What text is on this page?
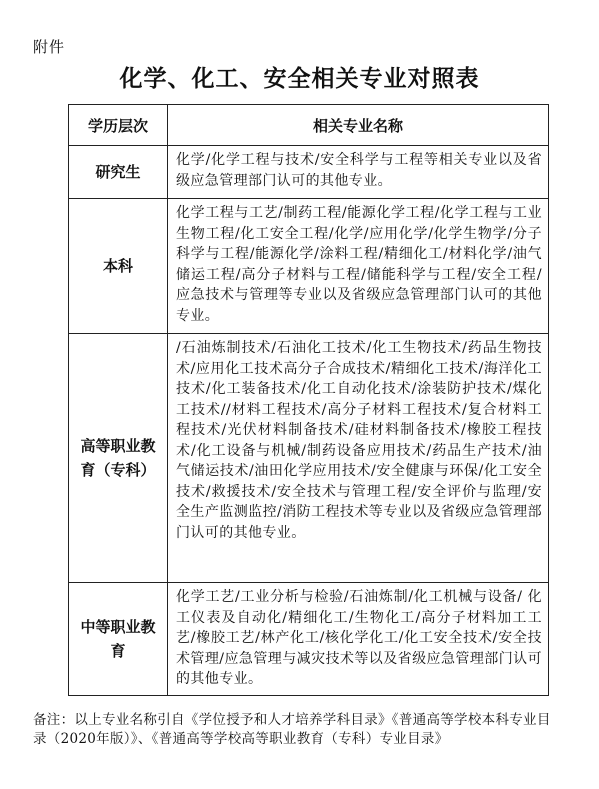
附件
化学、化工、安全相关专业对照表
学历层次	相关专业名称
研究生	化学/化学工程与技术/安全科学与工程等相关专业以及省级应急管理部门认可的其他专业。
本科	化学工程与工艺/制药工程/能源化学工程/化学工程与工业生物工程/化工安全工程/化学/应用化学/化学生物学/分子科学与工程/能源化学/涂料工程/精细化工/材料化学/油气储运工程/高分子材料与工程/储能科学与工程/安全工程/应急技术与管理等专业以及省级应急管理部门认可的其他专业。
高等职业教育（专科）	/石油炼制技术/石油化工技术/化工生物技术/药品生物技术/应用化工技术高分子合成技术/精细化工技术/海洋化工技术/化工装备技术/化工自动化技术/涂装防护技术/煤化工技术//材料工程技术/高分子材料工程技术/复合材料工程技术/光伏材料制备技术/硅材料制备技术/橡胶工程技术/化工设备与机械/制药设备应用技术/药品生产技术/油气储运技术/油田化学应用技术/安全健康与环保/化工安全技术/救援技术/安全技术与管理工程/安全评价与监理/安全生产监测监控/消防工程技术等专业以及省级应急管理部门认可的其他专业。
中等职业教育	化学工艺/工业分析与检验/石油炼制/化工机械与设备/ 化工仪表及自动化/精细化工/生物化工/高分子材料加工工艺/橡胶工艺/林产化工/核化学化工/化工安全技术/安全技术管理/应急管理与减灾技术等以及省级应急管理部门认可的其他专业。
备注：以上专业名称引自《学位授予和人才培养学科目录》《普通高等学校本科专业目录（2020年版）》、《普通高等学校高等职业教育（专科）专业目录》
